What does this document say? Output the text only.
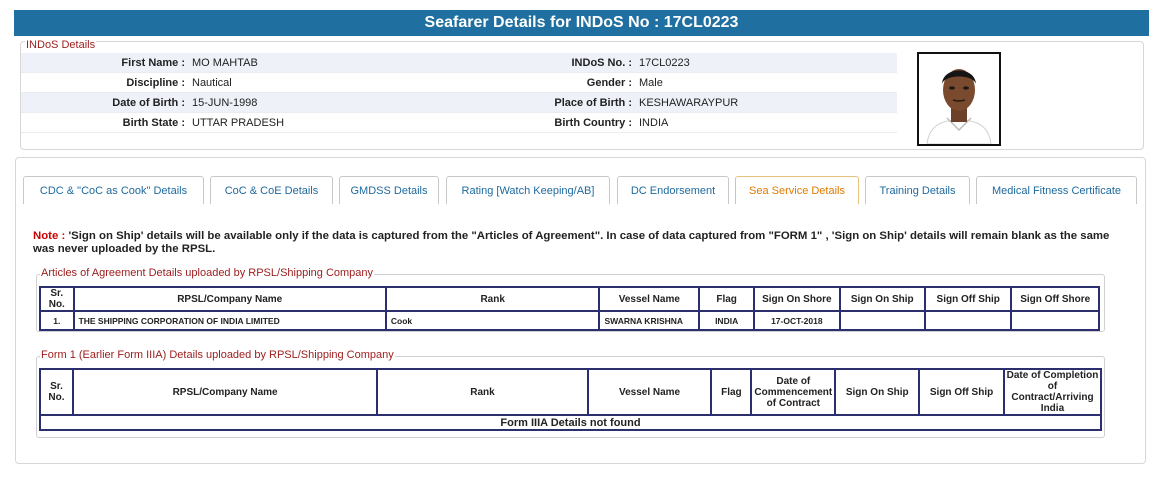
Seafarer Details for INDoS No : 17CL0223
INDoS Details
First Name : MO MAHTAB	INDoS No. : 17CL0223
Discipline : Nautical	Gender : Male
Date of Birth : 15-JUN-1998	Place of Birth : KESHAWARAYPUR
Birth State : UTTAR PRADESH	Birth Country : INDIA
CDC & "CoC as Cook" Details	CoC & CoE Details	GMDSS Details	Rating [Watch Keeping/AB]	DC Endorsement	Sea Service Details	Training Details	Medical Fitness Certificate
Note : 'Sign on Ship' details will be available only if the data is captured from the "Articles of Agreement". In case of data captured from "FORM 1" , 'Sign on Ship' details will remain blank as the same was never uploaded by the RPSL.
Articles of Agreement Details uploaded by RPSL/Shipping Company
Sr. No.	RPSL/Company Name	Rank	Vessel Name	Flag	Sign On Shore	Sign On Ship	Sign Off Ship	Sign Off Shore
1.	THE SHIPPING CORPORATION OF INDIA LIMITED	Cook	SWARNA KRISHNA	INDIA	17-OCT-2018			
Form 1 (Earlier Form IIIA) Details uploaded by RPSL/Shipping Company
Sr. No.	RPSL/Company Name	Rank	Vessel Name	Flag	Date of Commencement of Contract	Sign On Ship	Sign Off Ship	Date of Completion of Contract/Arriving India
Form IIIA Details not found
